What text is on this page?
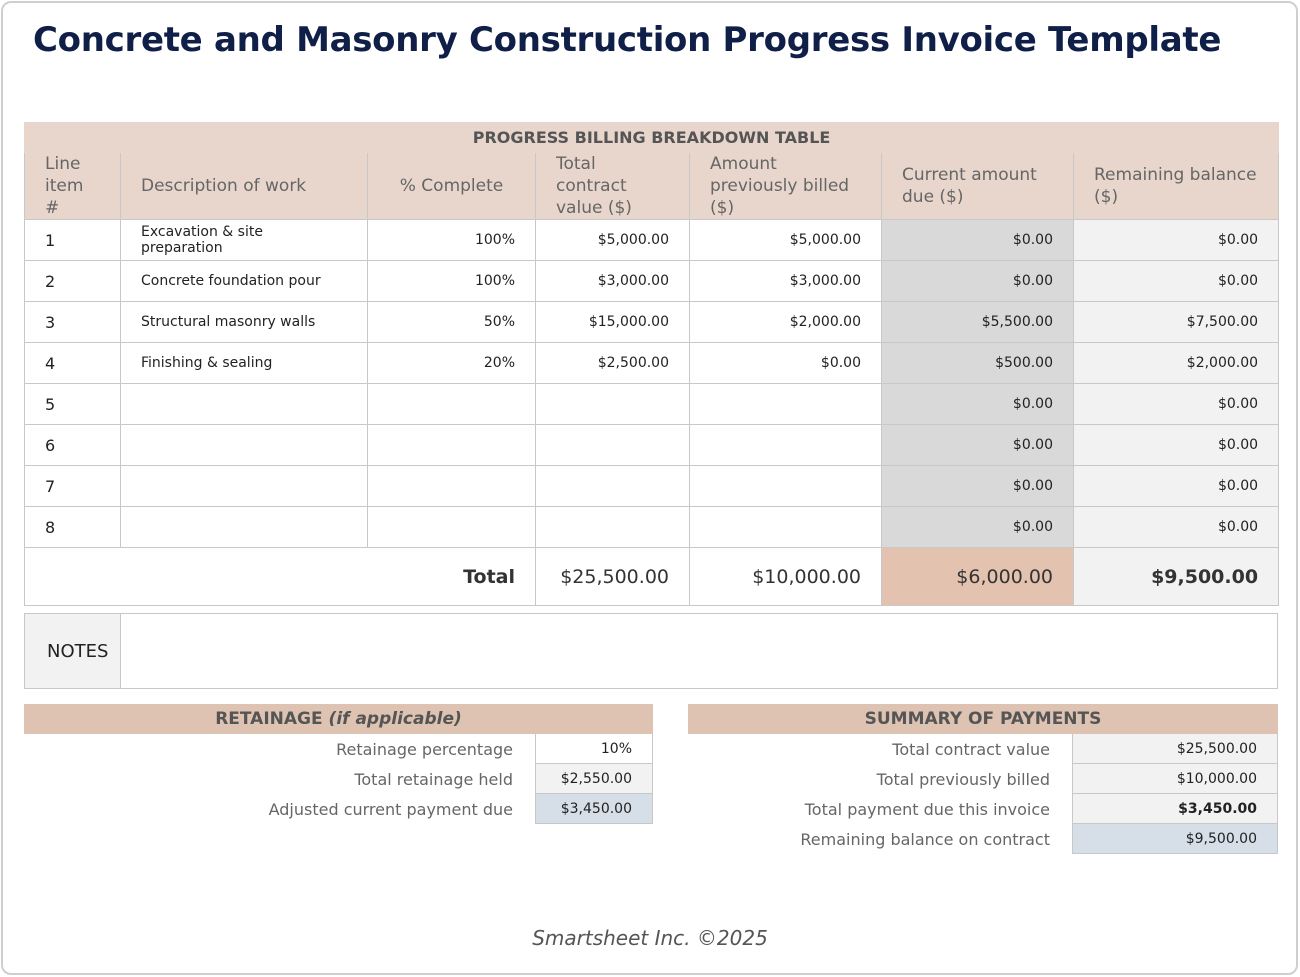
Concrete and Masonry Construction Progress Invoice Template
PROGRESS BILLING BREAKDOWN TABLE						
Line item #	Description of work	% Complete	Total contract value ($)	Amount previously billed ($)	Current amount due ($)	Remaining balance ($)
1	Excavation & site preparation	100%	$5,000.00	$5,000.00	$0.00	$0.00
2	Concrete foundation pour	100%	$3,000.00	$3,000.00	$0.00	$0.00
3	Structural masonry walls	50%	$15,000.00	$2,000.00	$5,500.00	$7,500.00
4	Finishing & sealing	20%	$2,500.00	$0.00	$500.00	$2,000.00
5					$0.00	$0.00
6					$0.00	$0.00
7					$0.00	$0.00
8					$0.00	$0.00
Total			$25,500.00	$10,000.00	$6,000.00	$9,500.00
NOTES	
RETAINAGE (if applicable)
Retainage percentage	10%
Total retainage held	$2,550.00
Adjusted current payment due	$3,450.00
SUMMARY OF PAYMENTS
Total contract value	$25,500.00
Total previously billed	$10,000.00
Total payment due this invoice	$3,450.00
Remaining balance on contract	$9,500.00
Smartsheet Inc. ©2025
